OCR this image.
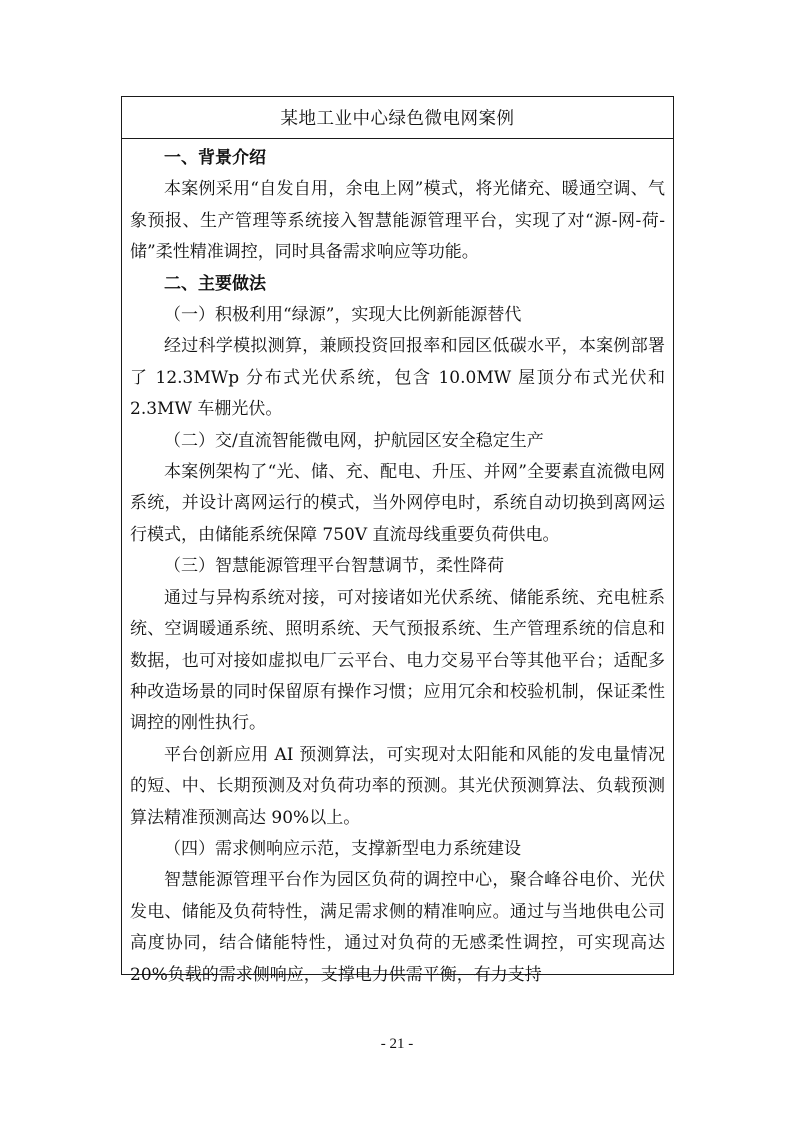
某地工业中心绿色微电网案例

一、背景介绍

本案例采用“自发自用，余电上网”模式，将光储充、暖通空调、气象预报、生产管理等系统接入智慧能源管理平台，实现了对“源-网-荷-储”柔性精准调控，同时具备需求响应等功能。

二、主要做法

（一）积极利用“绿源”，实现大比例新能源替代

经过科学模拟测算，兼顾投资回报率和园区低碳水平，本案例部署了 12.3MWp 分布式光伏系统，包含 10.0MW 屋顶分布式光伏和 2.3MW 车棚光伏。

（二）交/直流智能微电网，护航园区安全稳定生产

本案例架构了“光、储、充、配电、升压、并网”全要素直流微电网系统，并设计离网运行的模式，当外网停电时，系统自动切换到离网运行模式，由储能系统保障 750V 直流母线重要负荷供电。

（三）智慧能源管理平台智慧调节，柔性降荷

通过与异构系统对接，可对接诸如光伏系统、储能系统、充电桩系统、空调暖通系统、照明系统、天气预报系统、生产管理系统的信息和数据，也可对接如虚拟电厂云平台、电力交易平台等其他平台；适配多种改造场景的同时保留原有操作习惯；应用冗余和校验机制，保证柔性调控的刚性执行。

平台创新应用 AI 预测算法，可实现对太阳能和风能的发电量情况的短、中、长期预测及对负荷功率的预测。其光伏预测算法、负载预测算法精准预测高达 90%以上。

（四）需求侧响应示范，支撑新型电力系统建设

智慧能源管理平台作为园区负荷的调控中心，聚合峰谷电价、光伏发电、储能及负荷特性，满足需求侧的精准响应。通过与当地供电公司高度协同，结合储能特性，通过对负荷的无感柔性调控，可实现高达 20%负载的需求侧响应，支撑电力供需平衡，有力支持

- 21 -
